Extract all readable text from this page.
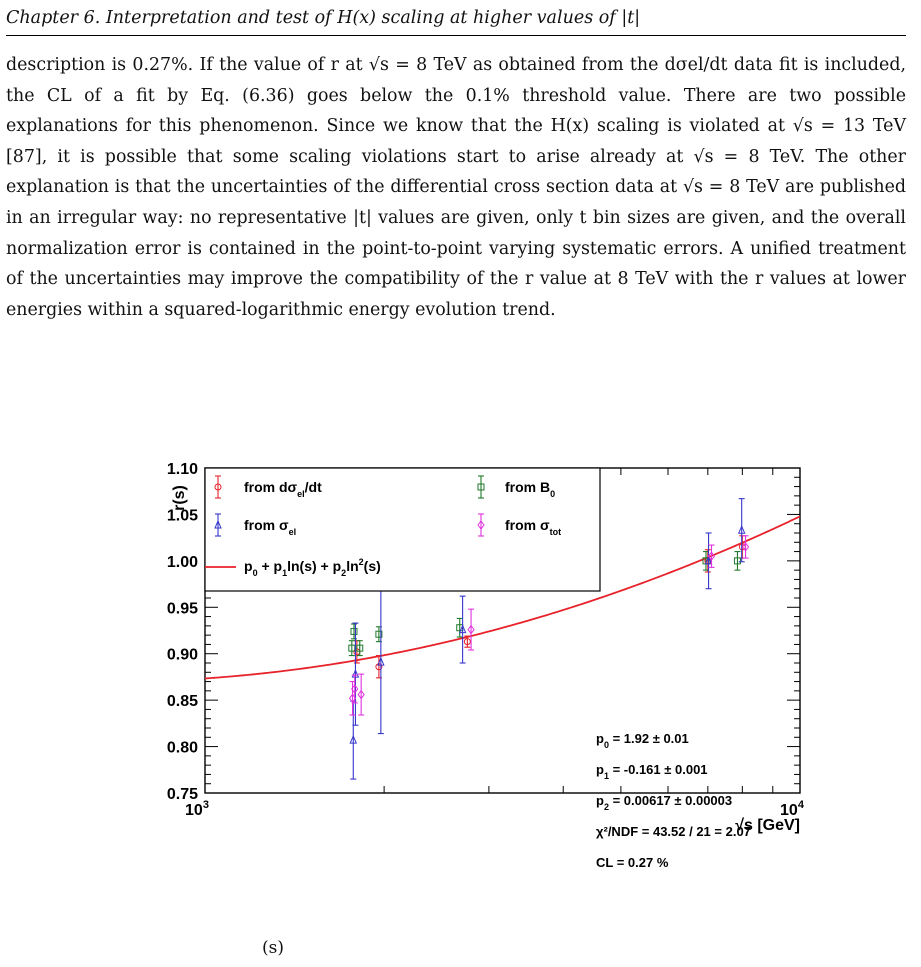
Chapter 6. Interpretation and test of H(x) scaling at higher values of |t|

description is 0.27%. If the value of r at √s = 8 TeV as obtained from the dσel/dt data fit is included, the CL of a fit by Eq. (6.36) goes below the 0.1% threshold value. There are two possible explanations for this phenomenon. Since we know that the H(x) scaling is violated at √s = 13 TeV [87], it is possible that some scaling violations start to arise already at √s = 8 TeV. The other explanation is that the uncertainties of the differential cross section data at √s = 8 TeV are published in an irregular way: no representative |t| values are given, only t bin sizes are given, and the overall normalization error is contained in the point-to-point varying systematic errors. A unified treatment of the uncertainties may improve the compatibility of the r value at 8 TeV with the r values at lower energies within a squared-logarithmic energy evolution trend.

0.75
0.80
0.85
0.90
0.95
1.00
1.05
1.10
$10^3$	$10^4$
from $d\sigma_{el}/dt$	from $B_0$
from $\sigma_{el}$	from $\sigma_{tot}$
$p_0 + p_1\ln(s) + p_2\ln^2(s)$
$p_0 = 1.92 \pm 0.01$
$p_1 = -0.161 \pm 0.001$
$p_2 = 0.00617 \pm 0.00003$
χ²/NDF = 43.52 / 21 = 2.07
CL = 0.27 %
r(s)
√s [GeV]
(s)
